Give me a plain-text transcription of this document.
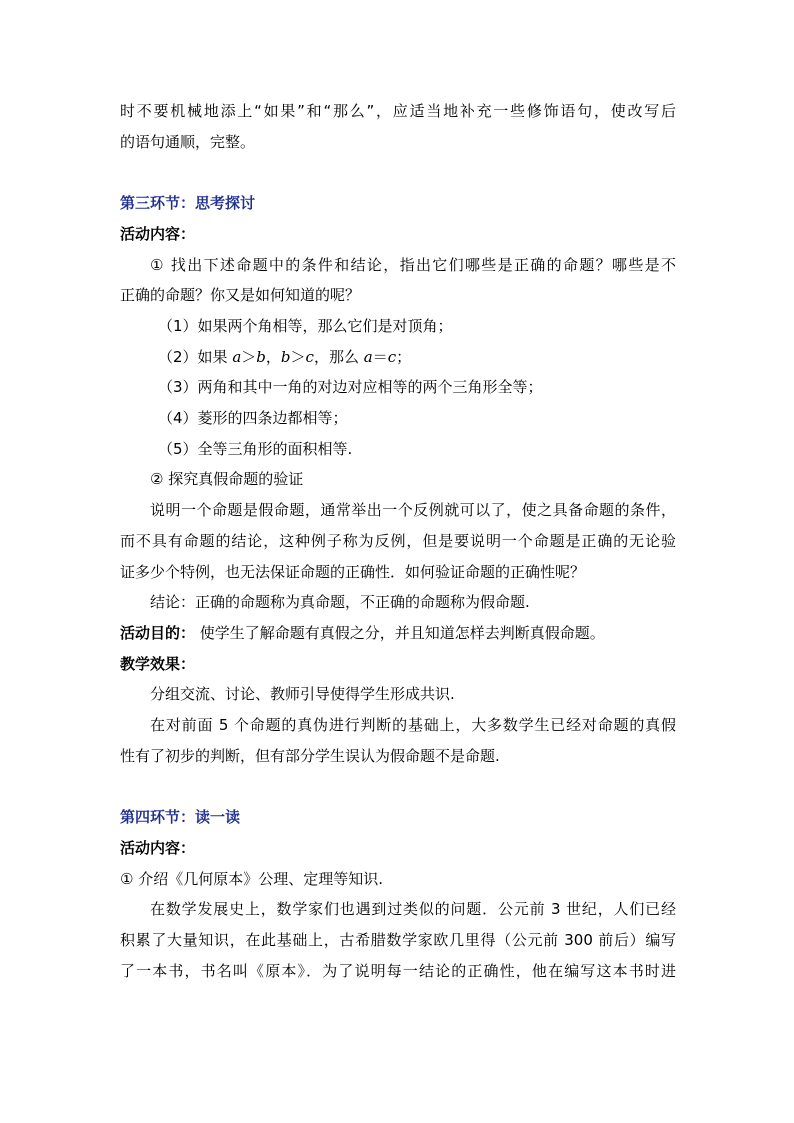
时不要机械地添上“如果”和“那么”，应适当地补充一些修饰语句，使改写后
的语句通顺，完整。
第三环节：思考探讨
活动内容：
① 找出下述命题中的条件和结论，指出它们哪些是正确的命题？哪些是不
正确的命题？你又是如何知道的呢？
（1）如果两个角相等，那么它们是对顶角；
（2）如果 a＞b，b＞c，那么 a＝c；
（3）两角和其中一角的对边对应相等的两个三角形全等；
（4）菱形的四条边都相等；
（5）全等三角形的面积相等.
② 探究真假命题的验证
说明一个命题是假命题，通常举出一个反例就可以了，使之具备命题的条件，
而不具有命题的结论，这种例子称为反例，但是要说明一个命题是正确的无论验
证多少个特例，也无法保证命题的正确性．如何验证命题的正确性呢？
结论：正确的命题称为真命题，不正确的命题称为假命题.
活动目的： 使学生了解命题有真假之分，并且知道怎样去判断真假命题。
教学效果：
分组交流、讨论、教师引导使得学生形成共识.
在对前面 5 个命题的真伪进行判断的基础上，大多数学生已经对命题的真假
性有了初步的判断，但有部分学生误认为假命题不是命题.
第四环节：读一读
活动内容：
① 介绍《几何原本》公理、定理等知识.
在数学发展史上，数学家们也遇到过类似的问题．公元前 3 世纪，人们已经
积累了大量知识，在此基础上，古希腊数学家欧几里得（公元前 300 前后）编写
了一本书，书名叫《原本》．为了说明每一结论的正确性，他在编写这本书时进
